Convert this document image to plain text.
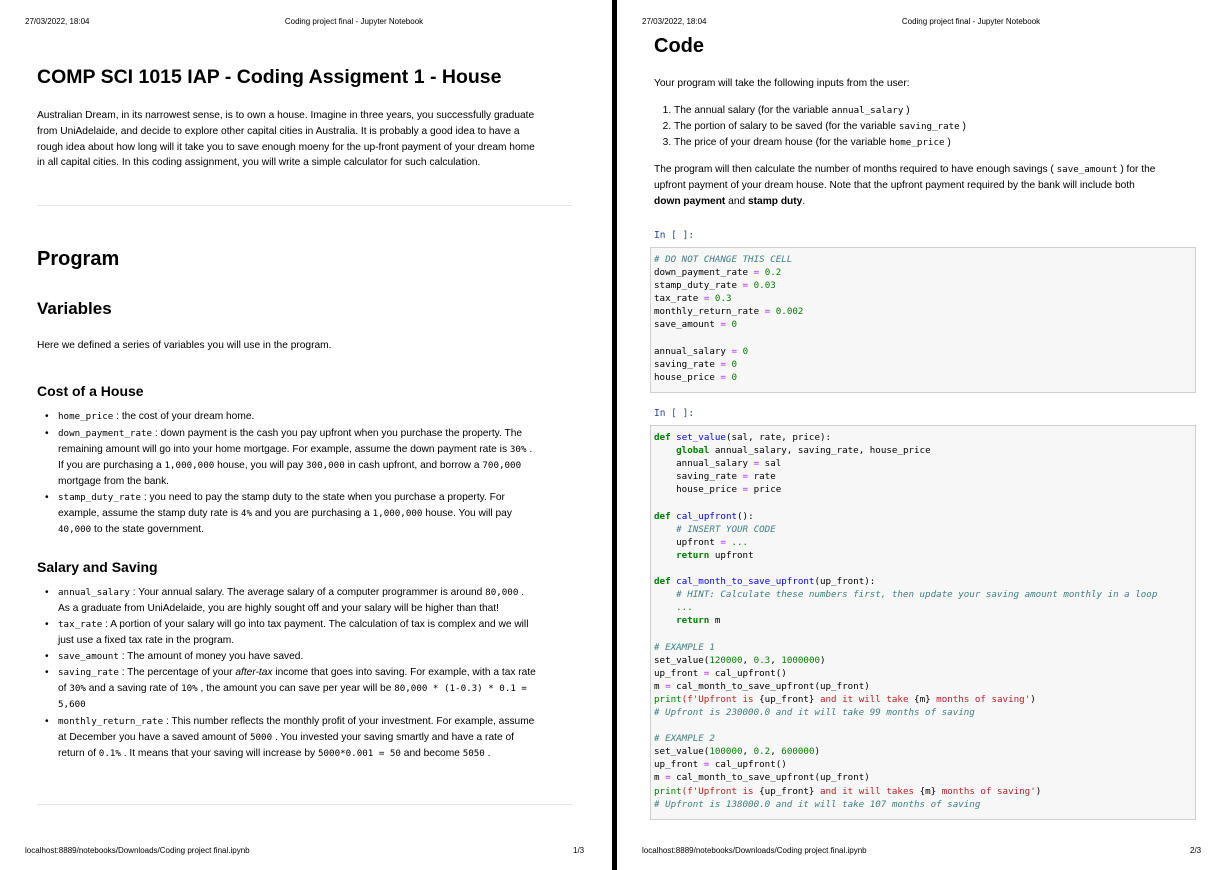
27/03/2022, 18:04	Coding project final - Jupyter Notebook
COMP SCI 1015 IAP - Coding Assigment 1 - House
Australian Dream, in its narrowest sense, is to own a house. Imagine in three years, you successfully graduate
from UniAdelaide, and decide to explore other capital cities in Australia. It is probably a good idea to have a
rough idea about how long will it take you to save enough moeny for the up-front payment of your dream home
in all capital cities. In this coding assignment, you will write a simple calculator for such calculation.
Program
Variables
Here we defined a series of variables you will use in the program.
Cost of a House
• home_price : the cost of your dream home.
• down_payment_rate : down payment is the cash you pay upfront when you purchase the property. The
remaining amount will go into your home mortgage. For example, assume the down payment rate is 30% .
If you are purchasing a 1,000,000 house, you will pay 300,000 in cash upfront, and borrow a 700,000
mortgage from the bank.
• stamp_duty_rate : you need to pay the stamp duty to the state when you purchase a property. For
example, assume the stamp duty rate is 4% and you are purchasing a 1,000,000 house. You will pay
40,000 to the state government.
Salary and Saving
• annual_salary : Your annual salary. The average salary of a computer programmer is around 80,000 .
As a graduate from UniAdelaide, you are highly sought off and your salary will be higher than that!
• tax_rate : A portion of your salary will go into tax payment. The calculation of tax is complex and we will
just use a fixed tax rate in the program.
• save_amount : The amount of money you have saved.
• saving_rate : The percentage of your after-tax income that goes into saving. For example, with a tax rate
of 30% and a saving rate of 10% , the amount you can save per year will be 80,000 * (1-0.3) * 0.1 =
5,600
• monthly_return_rate : This number reflects the monthly profit of your investment. For example, assume
at December you have a saved amount of 5000 . You invested your saving smartly and have a rate of
return of 0.1% . It means that your saving will increase by 5000*0.001 = 50 and become 5050 .
localhost:8889/notebooks/Downloads/Coding project final.ipynb	1/3
27/03/2022, 18:04	Coding project final - Jupyter Notebook
Code
Your program will take the following inputs from the user:
1. The annual salary (for the variable annual_salary )
2. The portion of salary to be saved (for the variable saving_rate )
3. The price of your dream house (for the variable home_price )
The program will then calculate the number of months required to have enough savings ( save_amount ) for the
upfront payment of your dream house. Note that the upfront payment required by the bank will include both
down payment and stamp duty.
In [ ]:
# DO NOT CHANGE THIS CELL
down_payment_rate = 0.2
stamp_duty_rate = 0.03
tax_rate = 0.3
monthly_return_rate = 0.002
save_amount = 0

annual_salary = 0
saving_rate = 0
house_price = 0
In [ ]:
def set_value(sal, rate, price):
global annual_salary, saving_rate, house_price
annual_salary = sal
saving_rate = rate
house_price = price

def cal_upfront():
# INSERT YOUR CODE
upfront = ...
return upfront

def cal_month_to_save_upfront(up_front):
# HINT: Calculate these numbers first, then update your saving amount monthly in a loop
...
return m

# EXAMPLE 1
set_value(120000, 0.3, 1000000)
up_front = cal_upfront()
m = cal_month_to_save_upfront(up_front)
print(f'Upfront is {up_front} and it will take {m} months of saving')
# Upfront is 230000.0 and it will take 99 months of saving

# EXAMPLE 2
set_value(100000, 0.2, 600000)
up_front = cal_upfront()
m = cal_month_to_save_upfront(up_front)
print(f'Upfront is {up_front} and it will takes {m} months of saving')
# Upfront is 138000.0 and it will take 107 months of saving
localhost:8889/notebooks/Downloads/Coding project final.ipynb	2/3
